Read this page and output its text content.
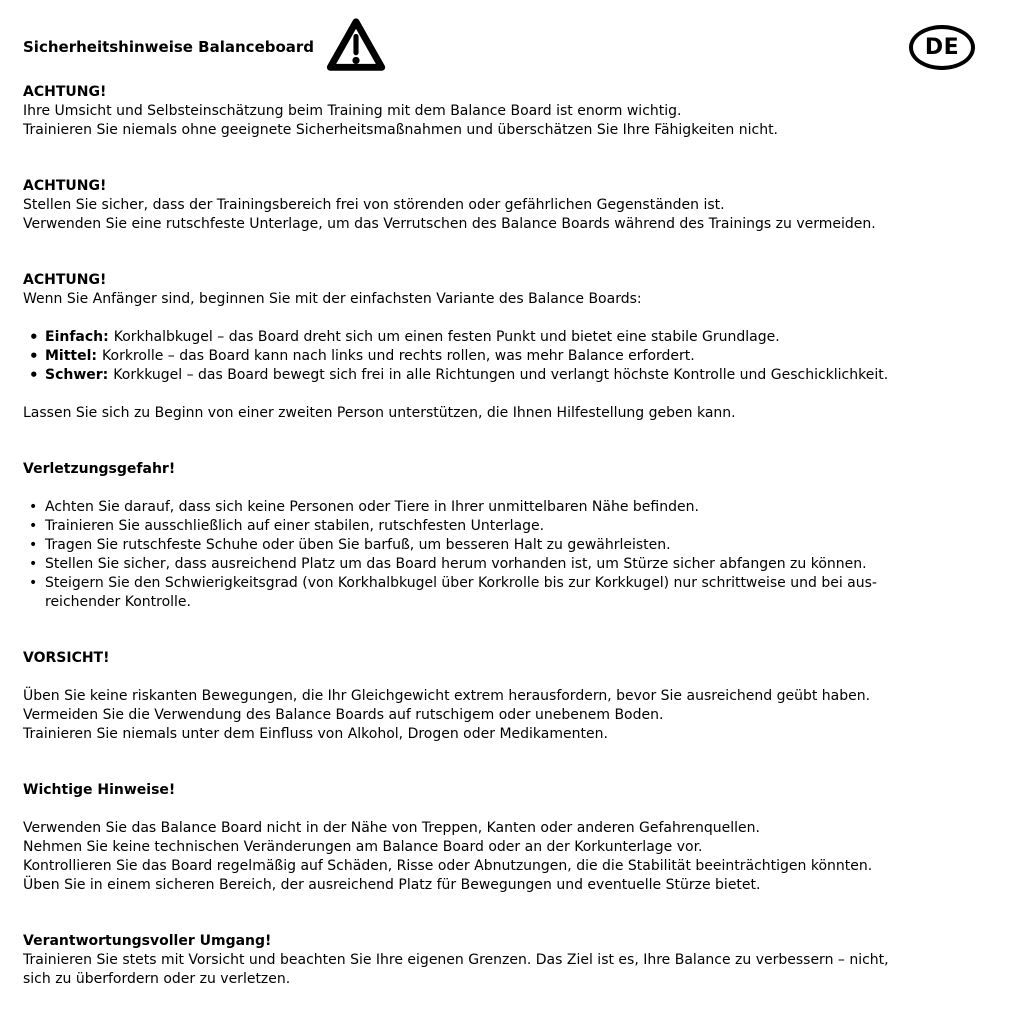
Sicherheitshinweise Balanceboard	DE
ACHTUNG!
Ihre Umsicht und Selbsteinschätzung beim Training mit dem Balance Board ist enorm wichtig.
Trainieren Sie niemals ohne geeignete Sicherheitsmaßnahmen und überschätzen Sie Ihre Fähigkeiten nicht.
ACHTUNG!
Stellen Sie sicher, dass der Trainingsbereich frei von störenden oder gefährlichen Gegenständen ist.
Verwenden Sie eine rutschfeste Unterlage, um das Verrutschen des Balance Boards während des Trainings zu vermeiden.
ACHTUNG!
Wenn Sie Anfänger sind, beginnen Sie mit der einfachsten Variante des Balance Boards:
• Einfach: Korkhalbkugel – das Board dreht sich um einen festen Punkt und bietet eine stabile Grundlage.
• Mittel: Korkrolle – das Board kann nach links und rechts rollen, was mehr Balance erfordert.
• Schwer: Korkkugel – das Board bewegt sich frei in alle Richtungen und verlangt höchste Kontrolle und Geschicklichkeit.
Lassen Sie sich zu Beginn von einer zweiten Person unterstützen, die Ihnen Hilfestellung geben kann.
Verletzungsgefahr!
• Achten Sie darauf, dass sich keine Personen oder Tiere in Ihrer unmittelbaren Nähe befinden.
• Trainieren Sie ausschließlich auf einer stabilen, rutschfesten Unterlage.
• Tragen Sie rutschfeste Schuhe oder üben Sie barfuß, um besseren Halt zu gewährleisten.
• Stellen Sie sicher, dass ausreichend Platz um das Board herum vorhanden ist, um Stürze sicher abfangen zu können.
• Steigern Sie den Schwierigkeitsgrad (von Korkhalbkugel über Korkrolle bis zur Korkkugel) nur schrittweise und bei aus-
reichender Kontrolle.
VORSICHT!
Üben Sie keine riskanten Bewegungen, die Ihr Gleichgewicht extrem herausfordern, bevor Sie ausreichend geübt haben.
Vermeiden Sie die Verwendung des Balance Boards auf rutschigem oder unebenem Boden.
Trainieren Sie niemals unter dem Einfluss von Alkohol, Drogen oder Medikamenten.
Wichtige Hinweise!
Verwenden Sie das Balance Board nicht in der Nähe von Treppen, Kanten oder anderen Gefahrenquellen.
Nehmen Sie keine technischen Veränderungen am Balance Board oder an der Korkunterlage vor.
Kontrollieren Sie das Board regelmäßig auf Schäden, Risse oder Abnutzungen, die die Stabilität beeinträchtigen könnten.
Üben Sie in einem sicheren Bereich, der ausreichend Platz für Bewegungen und eventuelle Stürze bietet.
Verantwortungsvoller Umgang!
Trainieren Sie stets mit Vorsicht und beachten Sie Ihre eigenen Grenzen. Das Ziel ist es, Ihre Balance zu verbessern – nicht,
sich zu überfordern oder zu verletzen.
